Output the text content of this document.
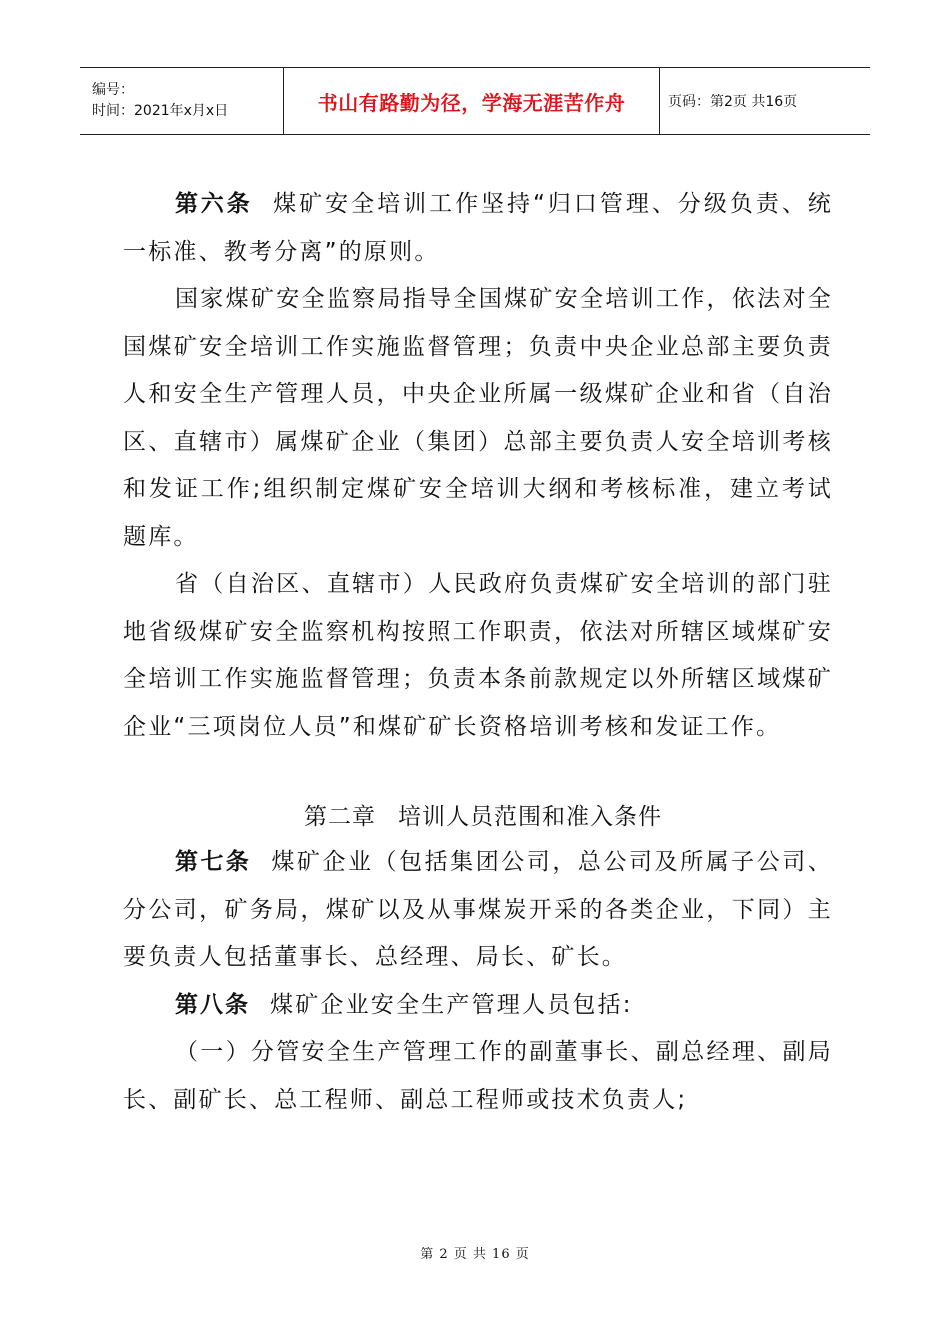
编号：
时间：2021年x月x日	书山有路勤为径，学海无涯苦作舟	页码：第2页 共16页

第六条 煤矿安全培训工作坚持“归口管理、分级负责、统一标准、教考分离”的原则。

国家煤矿安全监察局指导全国煤矿安全培训工作，依法对全国煤矿安全培训工作实施监督管理；负责中央企业总部主要负责人和安全生产管理人员，中央企业所属一级煤矿企业和省（自治区、直辖市）属煤矿企业（集团）总部主要负责人安全培训考核和发证工作;组织制定煤矿安全培训大纲和考核标准，建立考试题库。

省（自治区、直辖市）人民政府负责煤矿安全培训的部门驻地省级煤矿安全监察机构按照工作职责，依法对所辖区域煤矿安全培训工作实施监督管理；负责本条前款规定以外所辖区域煤矿企业“三项岗位人员”和煤矿矿长资格培训考核和发证工作。

第二章 培训人员范围和准入条件

第七条 煤矿企业（包括集团公司，总公司及所属子公司、分公司，矿务局，煤矿以及从事煤炭开采的各类企业，下同）主要负责人包括董事长、总经理、局长、矿长。

第八条 煤矿企业安全生产管理人员包括:

（一）分管安全生产管理工作的副董事长、副总经理、副局长、副矿长、总工程师、副总工程师或技术负责人;

第 2 页 共 16 页
